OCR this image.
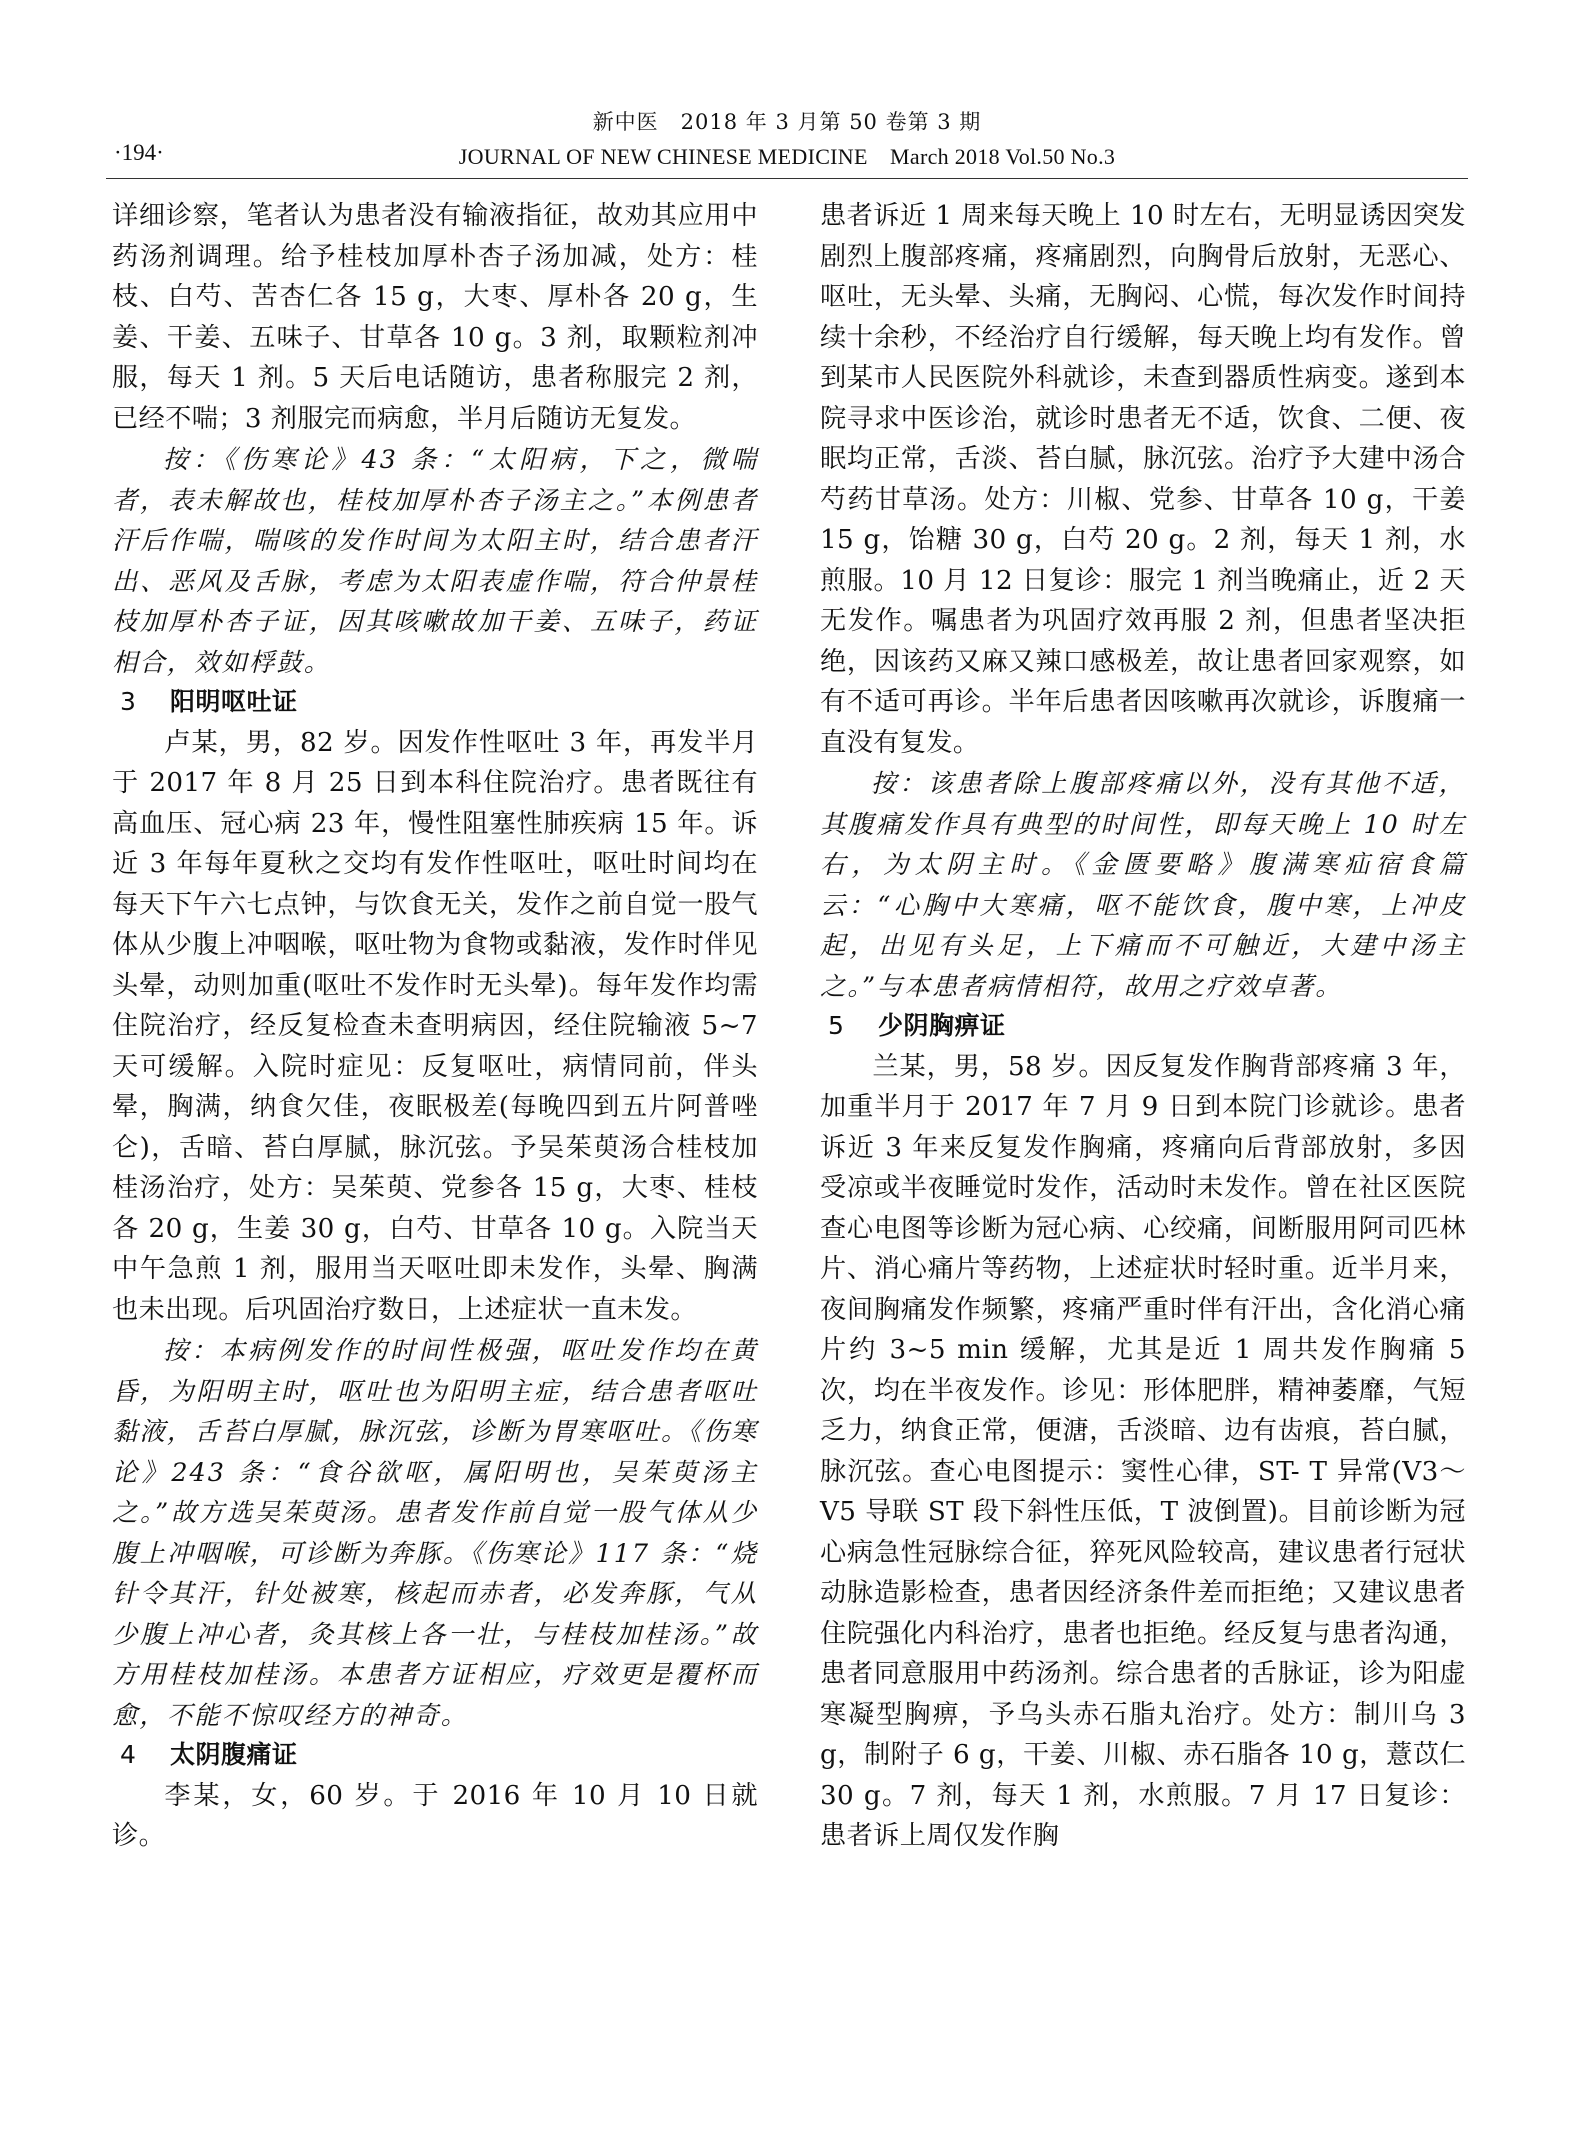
新中医　2018 年 3 月第 50 卷第 3 期
·194·	JOURNAL OF NEW CHINESE MEDICINE　March 2018 Vol.50 No.3

详细诊察，笔者认为患者没有输液指征，故劝其应用中药汤剂调理。给予桂枝加厚朴杏子汤加减，处方：桂枝、白芍、苦杏仁各 15 g，大枣、厚朴各 20 g，生姜、干姜、五味子、甘草各 10 g。3 剂，取颗粒剂冲服，每天 1 剂。5 天后电话随访，患者称服完 2 剂，已经不喘；3 剂服完而病愈，半月后随访无复发。

按：《伤寒论》43 条：“太阳病，下之，微喘者，表未解故也，桂枝加厚朴杏子汤主之。”本例患者汗后作喘，喘咳的发作时间为太阳主时，结合患者汗出、恶风及舌脉，考虑为太阳表虚作喘，符合仲景桂枝加厚朴杏子证，因其咳嗽故加干姜、五味子，药证相合，效如桴鼓。

3 阳明呕吐证

卢某，男，82 岁。因发作性呕吐 3 年，再发半月于 2017 年 8 月 25 日到本科住院治疗。患者既往有高血压、冠心病 23 年，慢性阻塞性肺疾病 15 年。诉近 3 年每年夏秋之交均有发作性呕吐，呕吐时间均在每天下午六七点钟，与饮食无关，发作之前自觉一股气体从少腹上冲咽喉，呕吐物为食物或黏液，发作时伴见头晕，动则加重(呕吐不发作时无头晕)。每年发作均需住院治疗，经反复检查未查明病因，经住院输液 5~7 天可缓解。入院时症见：反复呕吐，病情同前，伴头晕，胸满，纳食欠佳，夜眠极差(每晚四到五片阿普唑仑)，舌暗、苔白厚腻，脉沉弦。予吴茱萸汤合桂枝加桂汤治疗，处方：吴茱萸、党参各 15 g，大枣、桂枝各 20 g，生姜 30 g，白芍、甘草各 10 g。入院当天中午急煎 1 剂，服用当天呕吐即未发作，头晕、胸满也未出现。后巩固治疗数日，上述症状一直未发。

按：本病例发作的时间性极强，呕吐发作均在黄昏，为阳明主时，呕吐也为阳明主症，结合患者呕吐黏液，舌苔白厚腻，脉沉弦，诊断为胃寒呕吐。《伤寒论》243 条：“食谷欲呕，属阳明也，吴茱萸汤主之。”故方选吴茱萸汤。患者发作前自觉一股气体从少腹上冲咽喉，可诊断为奔豚。《伤寒论》117 条：“烧针令其汗，针处被寒，核起而赤者，必发奔豚，气从少腹上冲心者，灸其核上各一壮，与桂枝加桂汤。”故方用桂枝加桂汤。本患者方证相应，疗效更是覆杯而愈，不能不惊叹经方的神奇。

4 太阴腹痛证

李某，女，60 岁。于 2016 年 10 月 10 日就诊。

患者诉近 1 周来每天晚上 10 时左右，无明显诱因突发剧烈上腹部疼痛，疼痛剧烈，向胸骨后放射，无恶心、呕吐，无头晕、头痛，无胸闷、心慌，每次发作时间持续十余秒，不经治疗自行缓解，每天晚上均有发作。曾到某市人民医院外科就诊，未查到器质性病变。遂到本院寻求中医诊治，就诊时患者无不适，饮食、二便、夜眠均正常，舌淡、苔白腻，脉沉弦。治疗予大建中汤合芍药甘草汤。处方：川椒、党参、甘草各 10 g，干姜 15 g，饴糖 30 g，白芍 20 g。2 剂，每天 1 剂，水煎服。10 月 12 日复诊：服完 1 剂当晚痛止，近 2 天无发作。嘱患者为巩固疗效再服 2 剂，但患者坚决拒绝，因该药又麻又辣口感极差，故让患者回家观察，如有不适可再诊。半年后患者因咳嗽再次就诊，诉腹痛一直没有复发。

按：该患者除上腹部疼痛以外，没有其他不适，其腹痛发作具有典型的时间性，即每天晚上 10 时左右，为太阴主时。《金匮要略》腹满寒疝宿食篇云：“心胸中大寒痛，呕不能饮食，腹中寒，上冲皮起，出见有头足，上下痛而不可触近，大建中汤主之。”与本患者病情相符，故用之疗效卓著。

5 少阴胸痹证

兰某，男，58 岁。因反复发作胸背部疼痛 3 年，加重半月于 2017 年 7 月 9 日到本院门诊就诊。患者诉近 3 年来反复发作胸痛，疼痛向后背部放射，多因受凉或半夜睡觉时发作，活动时未发作。曾在社区医院查心电图等诊断为冠心病、心绞痛，间断服用阿司匹林片、消心痛片等药物，上述症状时轻时重。近半月来，夜间胸痛发作频繁，疼痛严重时伴有汗出，含化消心痛片约 3~5 min 缓解，尤其是近 1 周共发作胸痛 5 次，均在半夜发作。诊见：形体肥胖，精神萎靡，气短乏力，纳食正常，便溏，舌淡暗、边有齿痕，苔白腻，脉沉弦。查心电图提示：窦性心律，ST- T 异常(V3～V5 导联 ST 段下斜性压低，T 波倒置)。目前诊断为冠心病急性冠脉综合征，猝死风险较高，建议患者行冠状动脉造影检查，患者因经济条件差而拒绝；又建议患者住院强化内科治疗，患者也拒绝。经反复与患者沟通，患者同意服用中药汤剂。综合患者的舌脉证，诊为阳虚寒凝型胸痹，予乌头赤石脂丸治疗。处方：制川乌 3 g，制附子 6 g，干姜、川椒、赤石脂各 10 g，薏苡仁 30 g。7 剂，每天 1 剂，水煎服。7 月 17 日复诊：患者诉上周仅发作胸
